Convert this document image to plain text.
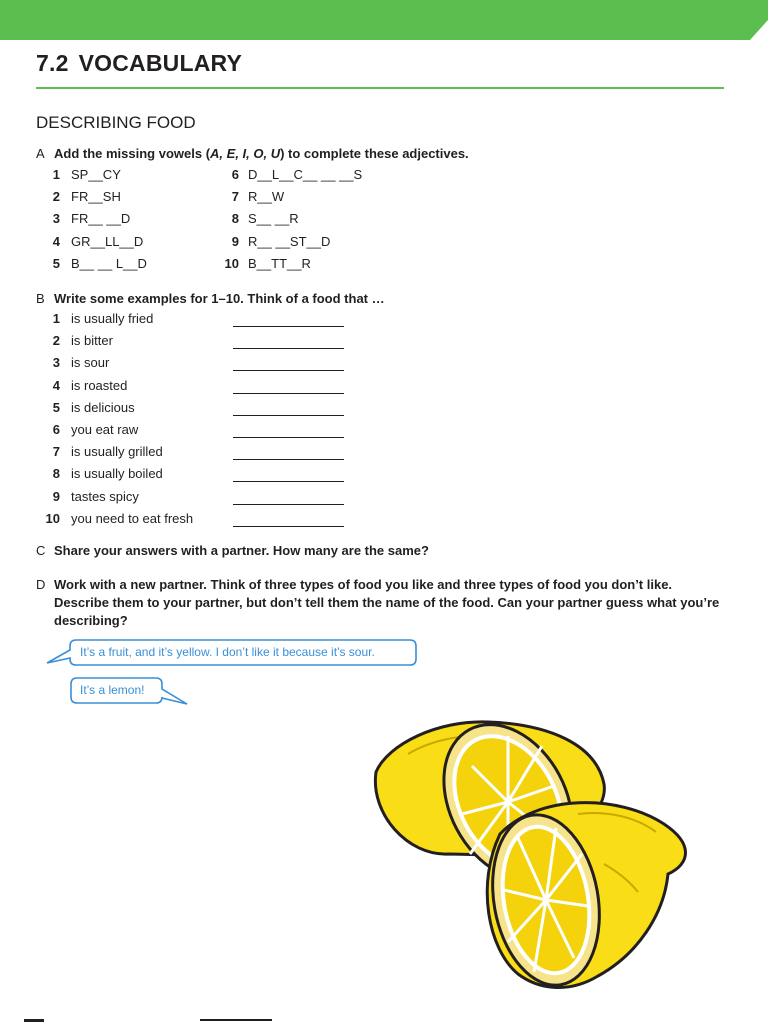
7.2 VOCABULARY
DESCRIBING FOOD
A Add the missing vowels (A, E, I, O, U) to complete these adjectives.
1 SP__CY
2 FR__SH
3 FR__ __D
4 GR__LL__D
5 B__ __ L__D
6 D__L__C__ __ __S
7 R__W
8 S__ __R
9 R__ __ST__D
10 B__TT__R
B Write some examples for 1–10. Think of a food that …
1 is usually fried
2 is bitter
3 is sour
4 is roasted
5 is delicious
6 you eat raw
7 is usually grilled
8 is usually boiled
9 tastes spicy
10 you need to eat fresh
C Share your answers with a partner. How many are the same?
D Work with a new partner. Think of three types of food you like and three types of food you don’t like.
Describe them to your partner, but don’t tell them the name of the food. Can your partner guess what you’re
describing?
It’s a fruit, and it’s yellow. I don’t like it because it’s sour.
It’s a lemon!
